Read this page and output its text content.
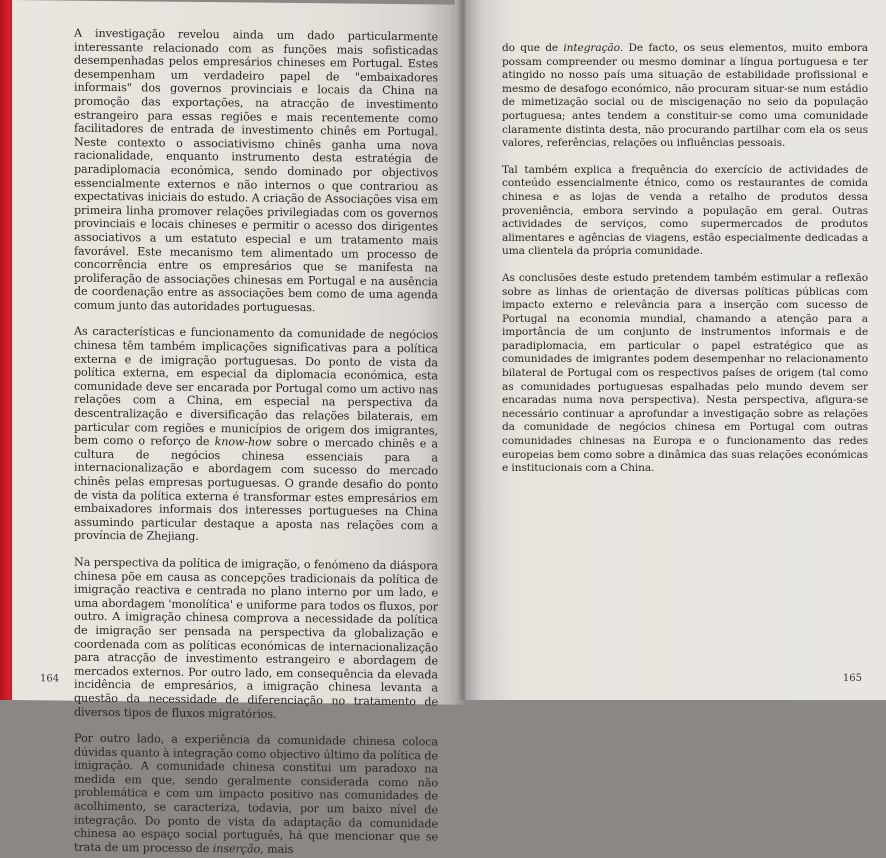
A investigação revelou ainda um dado particularmente interessante relacionado com as funções mais sofisticadas desempenhadas pelos empresários chineses em Portugal. Estes desempenham um verdadeiro papel de "embaixadores informais" dos governos provinciais e locais da China na promoção das exportações, na atracção de investimento estrangeiro para essas regiões e mais recentemente como facilitadores de entrada de investimento chinês em Portugal. Neste contexto o associativismo chinês ganha uma nova racionalidade, enquanto instrumento desta estratégia de paradiplomacia económica, sendo dominado por objectivos essencialmente externos e não internos o que contrariou as expectativas iniciais do estudo. A criação de Associações visa em primeira linha promover relações privilegiadas com os governos provinciais e locais chineses e permitir o acesso dos dirigentes associativos a um estatuto especial e um tratamento mais favorável. Este mecanismo tem alimentado um processo de concorrência entre os empresários que se manifesta na proliferação de associações chinesas em Portugal e na ausência de coordenação entre as associações bem como de uma agenda comum junto das autoridades portuguesas.

As características e funcionamento da comunidade de negócios chinesa têm também implicações significativas para a política externa e de imigração portuguesas. Do ponto de vista da política externa, em especial da diplomacia económica, esta comunidade deve ser encarada por Portugal como um activo nas relações com a China, em especial na perspectiva da descentralização e diversificação das relações bilaterais, em particular com regiões e municípios de origem dos imigrantes, bem como o reforço de know-how sobre o mercado chinês e a cultura de negócios chinesa essenciais para a internacionalização e abordagem com sucesso do mercado chinês pelas empresas portuguesas. O grande desafio do ponto de vista da política externa é transformar estes empresários em embaixadores informais dos interesses portugueses na China assumindo particular destaque a aposta nas relações com a província de Zhejiang.

Na perspectiva da política de imigração, o fenómeno da diáspora chinesa põe em causa as concepções tradicionais da política de imigração reactiva e centrada no plano interno por um lado, e uma abordagem 'monolítica' e uniforme para todos os fluxos, por outro. A imigração chinesa comprova a necessidade da política de imigração ser pensada na perspectiva da globalização e coordenada com as políticas económicas de internacionalização para atracção de investimento estrangeiro e abordagem de mercados externos. Por outro lado, em consequência da elevada incidência de empresários, a imigração chinesa levanta a questão da necessidade de diferenciação no tratamento de diversos tipos de fluxos migratórios.

Por outro lado, a experiência da comunidade chinesa coloca dúvidas quanto à integração como objectivo último da política de imigração. A comunidade chinesa constitui um paradoxo na medida em que, sendo geralmente considerada como não problemática e com um impacto positivo nas comunidades de acolhimento, se caracteriza, todavia, por um baixo nível de integração. Do ponto de vista da adaptação da comunidade chinesa ao espaço social português, há que mencionar que se trata de um processo de inserção, mais

164

do que de integração. De facto, os seus elementos, muito embora possam compreender ou mesmo dominar a língua portuguesa e ter atingido no nosso país uma situação de estabilidade profissional e mesmo de desafogo económico, não procuram situar-se num estádio de mimetização social ou de miscigenação no seio da população portuguesa; antes tendem a constituir-se como uma comunidade claramente distinta desta, não procurando partilhar com ela os seus valores, referências, relações ou influências pessoais.

Tal também explica a frequência do exercício de actividades de conteúdo essencialmente étnico, como os restaurantes de comida chinesa e as lojas de venda a retalho de produtos dessa proveniência, embora servindo a população em geral. Outras actividades de serviços, como supermercados de produtos alimentares e agências de viagens, estão especialmente dedicadas a uma clientela da própria comunidade.

As conclusões deste estudo pretendem também estimular a reflexão sobre as linhas de orientação de diversas políticas públicas com impacto externo e relevância para a inserção com sucesso de Portugal na economia mundial, chamando a atenção para a importância de um conjunto de instrumentos informais e de paradiplomacia, em particular o papel estratégico que as comunidades de imigrantes podem desempenhar no relacionamento bilateral de Portugal com os respectivos países de origem (tal como as comunidades portuguesas espalhadas pelo mundo devem ser encaradas numa nova perspectiva). Nesta perspectiva, afigura-se necessário continuar a aprofundar a investigação sobre as relações da comunidade de negócios chinesa em Portugal com outras comunidades chinesas na Europa e o funcionamento das redes europeias bem como sobre a dinâmica das suas relações económicas e institucionais com a China.

165
